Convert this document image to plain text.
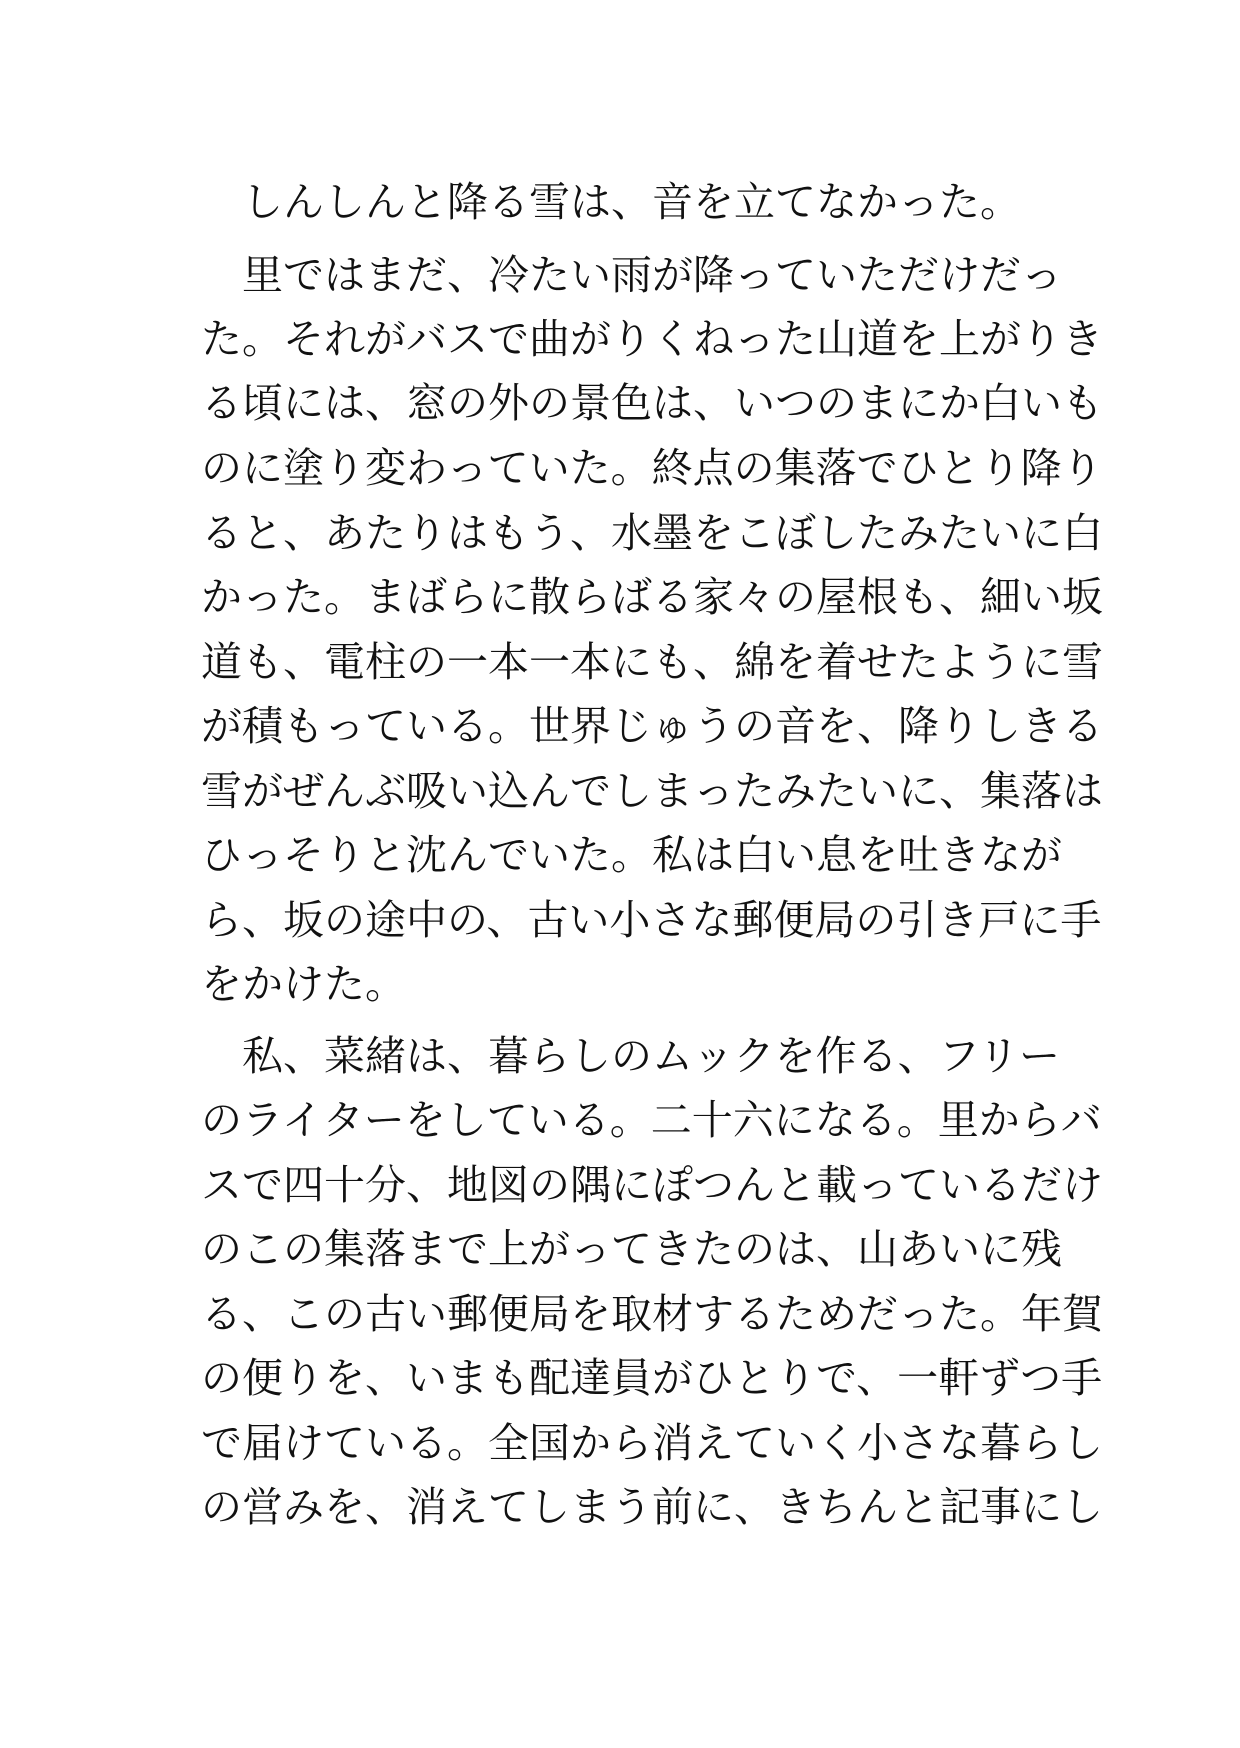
　しんしんと降る雪は、音を立てなかった。
　里ではまだ、冷たい雨が降っていただけだっ
た。それがバスで曲がりくねった山道を上がりき
る頃には、窓の外の景色は、いつのまにか白いも
のに塗り変わっていた。終点の集落でひとり降り
ると、あたりはもう、水墨をこぼしたみたいに白
かった。まばらに散らばる家々の屋根も、細い坂
道も、電柱の一本一本にも、綿を着せたように雪
が積もっている。世界じゅうの音を、降りしきる
雪がぜんぶ吸い込んでしまったみたいに、集落は
ひっそりと沈んでいた。私は白い息を吐きなが
ら、坂の途中の、古い小さな郵便局の引き戸に手
をかけた。
　私、菜緒は、暮らしのムックを作る、フリー
のライターをしている。二十六になる。里からバ
スで四十分、地図の隅にぽつんと載っているだけ
のこの集落まで上がってきたのは、山あいに残
る、この古い郵便局を取材するためだった。年賀
の便りを、いまも配達員がひとりで、一軒ずつ手
で届けている。全国から消えていく小さな暮らし
の営みを、消えてしまう前に、きちんと記事にし
